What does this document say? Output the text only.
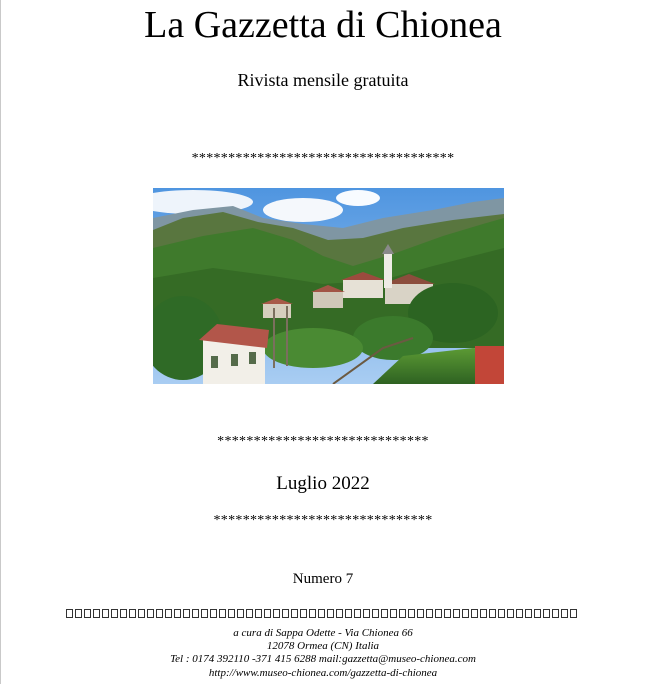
La Gazzetta di Chionea
Rivista mensile gratuita
************************************
*****************************
Luglio 2022
******************************
Numero 7
a cura di Sappa Odette - Via Chionea 66
12078 Ormea (CN) Italia
Tel : 0174 392110 -371 415 6288 mail:gazzetta@museo-chionea.com
http://www.museo-chionea.com/gazzetta-di-chionea
